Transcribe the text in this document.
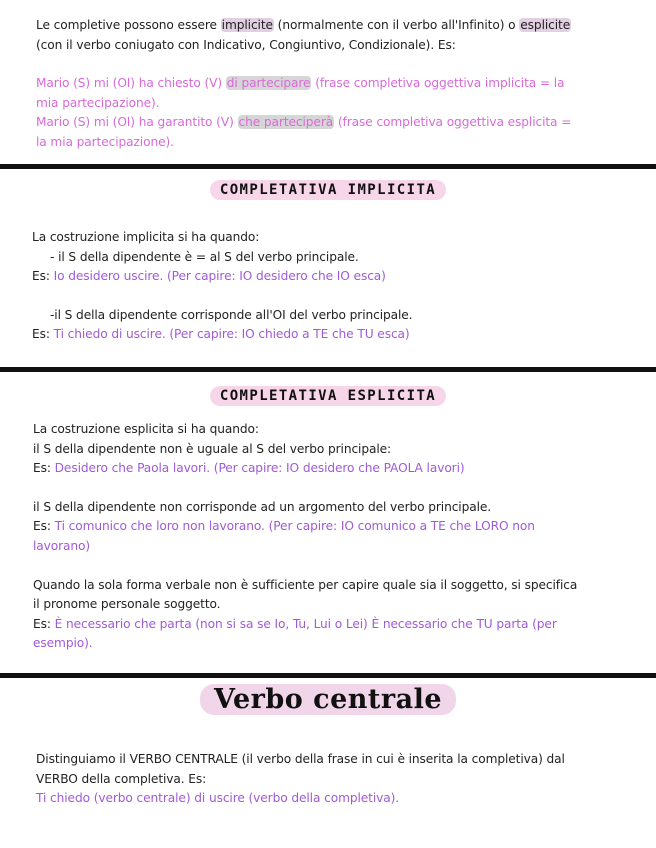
Le completive possono essere implicite (normalmente con il verbo all'Infinito) o esplicite
(con il verbo coniugato con Indicativo, Congiuntivo, Condizionale). Es:
Mario (S) mi (OI) ha chiesto (V) di partecipare (frase completiva oggettiva implicita = la
mia partecipazione).
Mario (S) mi (OI) ha garantito (V) che parteciperà (frase completiva oggettiva esplicita =
la mia partecipazione).
COMPLETATIVA IMPLICITA
La costruzione implicita si ha quando:
- il S della dipendente è = al S del verbo principale.
Es: Io desidero uscire. (Per capire: IO desidero che IO esca)
-il S della dipendente corrisponde all'OI del verbo principale.
Es: Ti chiedo di uscire. (Per capire: IO chiedo a TE che TU esca)
COMPLETATIVA ESPLICITA
La costruzione esplicita si ha quando:
il S della dipendente non è uguale al S del verbo principale:
Es: Desidero che Paola lavori. (Per capire: IO desidero che PAOLA lavori)
il S della dipendente non corrisponde ad un argomento del verbo principale.
Es: Ti comunico che loro non lavorano. (Per capire: IO comunico a TE che LORO non
lavorano)
Quando la sola forma verbale non è sufficiente per capire quale sia il soggetto, si specifica
il pronome personale soggetto.
Es: È necessario che parta (non si sa se Io, Tu, Lui o Lei) È necessario che TU parta (per
esempio).
Verbo centrale
Distinguiamo il VERBO CENTRALE (il verbo della frase in cui è inserita la completiva) dal
VERBO della completiva. Es:
Ti chiedo (verbo centrale) di uscire (verbo della completiva).
